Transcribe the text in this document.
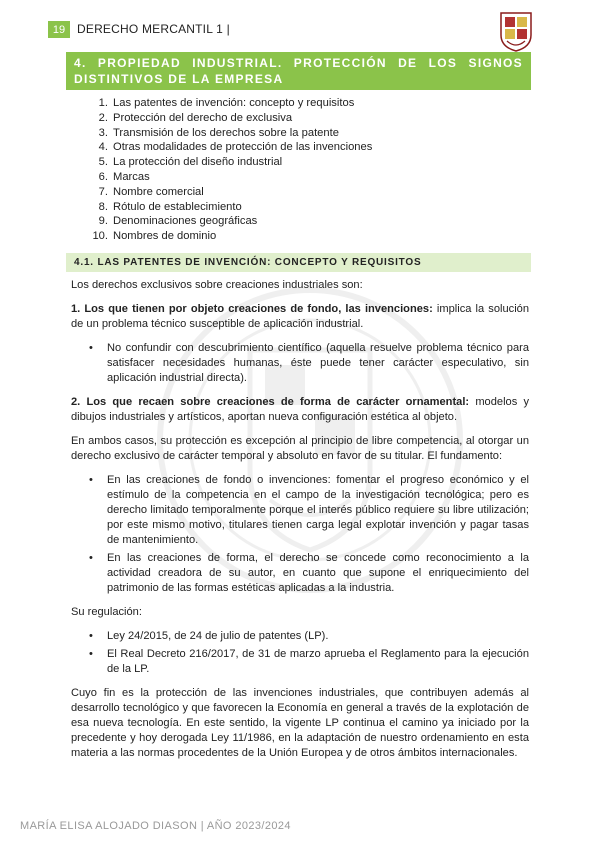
19 DERECHO MERCANTIL 1 |
4. PROPIEDAD INDUSTRIAL. PROTECCIÓN DE LOS SIGNOS
DISTINTIVOS DE LA EMPRESA
1. Las patentes de invención: concepto y requisitos
2. Protección del derecho de exclusiva
3. Transmisión de los derechos sobre la patente
4. Otras modalidades de protección de las invenciones
5. La protección del diseño industrial
6. Marcas
7. Nombre comercial
8. Rótulo de establecimiento
9. Denominaciones geográficas
10. Nombres de dominio
4.1. LAS PATENTES DE INVENCIÓN: CONCEPTO Y REQUISITOS

Los derechos exclusivos sobre creaciones industriales son:

1. Los que tienen por objeto creaciones de fondo, las invenciones: implica la solución de un problema técnico susceptible de aplicación industrial.

• No confundir con descubrimiento científico (aquella resuelve problema técnico para satisfacer necesidades humanas, éste puede tener carácter especulativo, sin aplicación industrial directa).

2. Los que recaen sobre creaciones de forma de carácter ornamental: modelos y dibujos industriales y artísticos, aportan nueva configuración estética al objeto.

En ambos casos, su protección es excepción al principio de libre competencia, al otorgar un derecho exclusivo de carácter temporal y absoluto en favor de su titular. El fundamento:

• En las creaciones de fondo o invenciones: fomentar el progreso económico y el estímulo de la competencia en el campo de la investigación tecnológica; pero es derecho limitado temporalmente porque el interés público requiere su libre utilización; por este mismo motivo, titulares tienen carga legal explotar invención y pagar tasas de mantenimiento.
• En las creaciones de forma, el derecho se concede como reconocimiento a la actividad creadora de su autor, en cuanto que supone el enriquecimiento del patrimonio de las formas estéticas aplicadas a la industria.

Su regulación:

• Ley 24/2015, de 24 de julio de patentes (LP).
• El Real Decreto 216/2017, de 31 de marzo aprueba el Reglamento para la ejecución de la LP.

Cuyo fin es la protección de las invenciones industriales, que contribuyen además al desarrollo tecnológico y que favorecen la Economía en general a través de la explotación de esa nueva tecnología. En este sentido, la vigente LP continua el camino ya iniciado por la precedente y hoy derogada Ley 11/1986, en la adaptación de nuestro ordenamiento en esta materia a las normas procedentes de la Unión Europea y de otros ámbitos internacionales.

MARÍA ELISA ALOJADO DIASON | AÑO 2023/2024
